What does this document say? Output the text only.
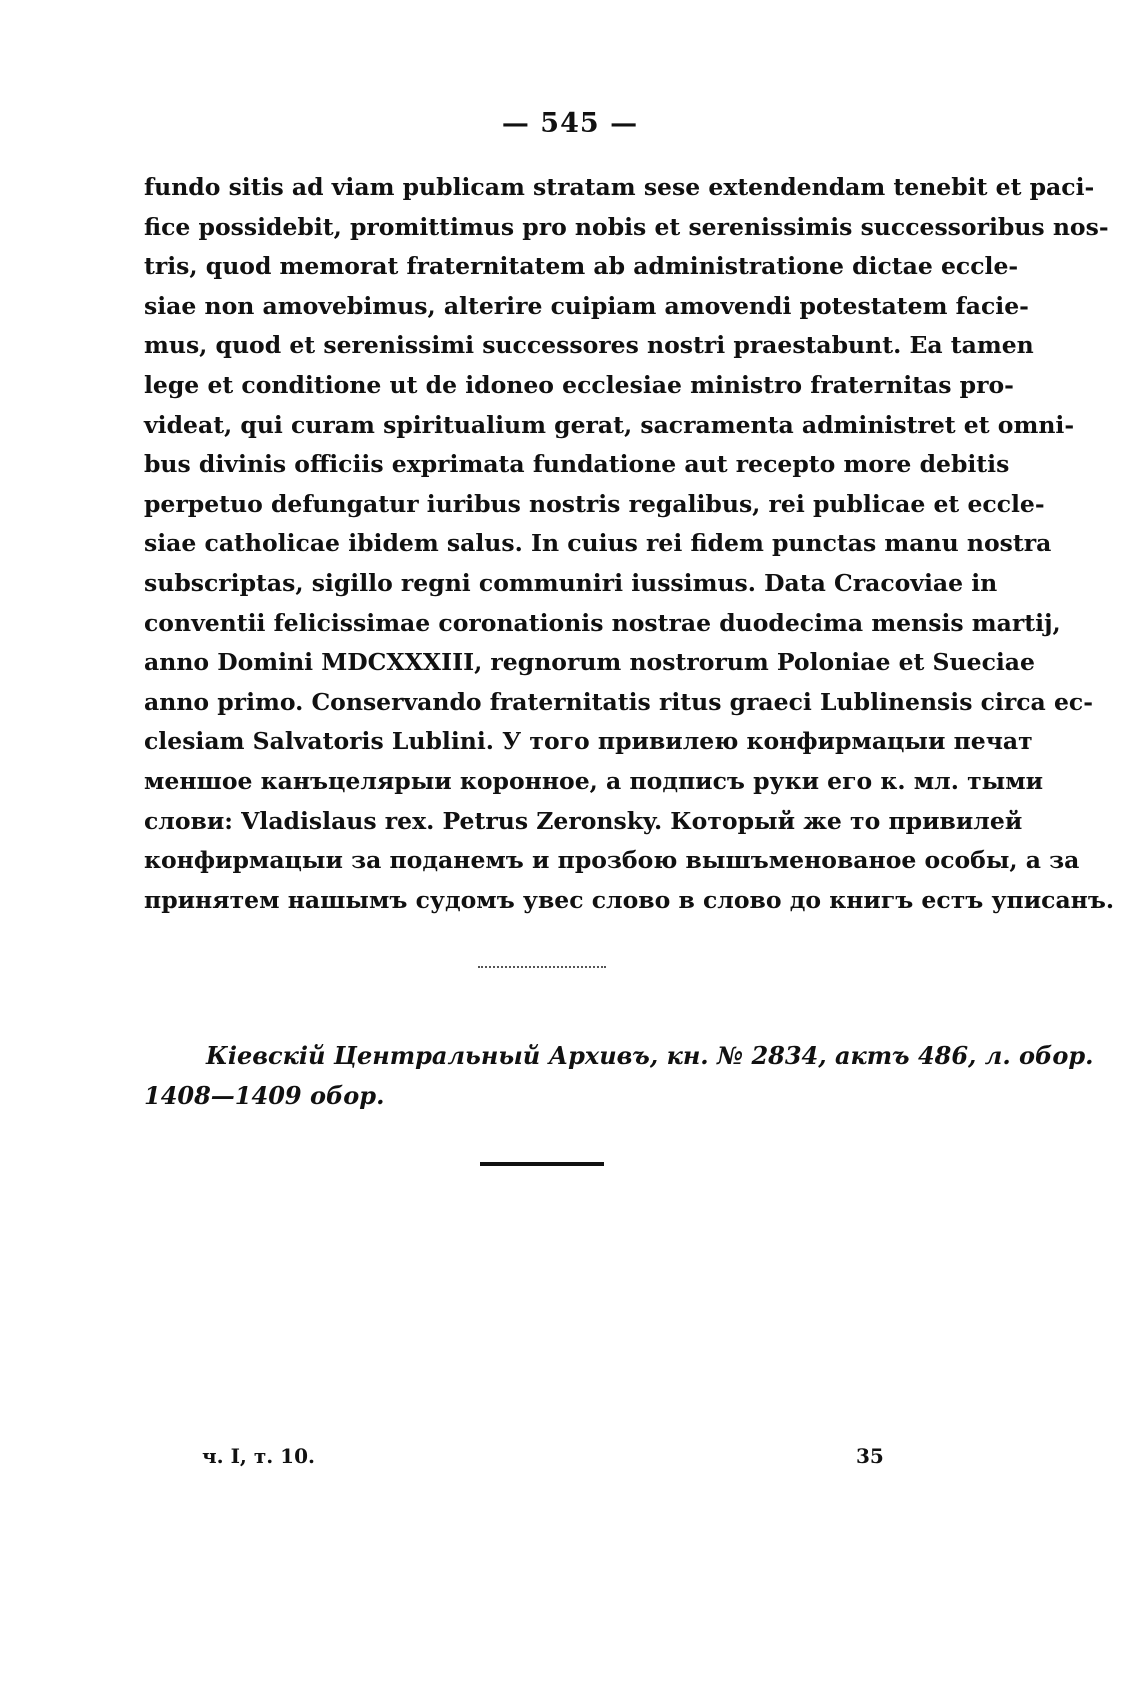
— 545 —
fundo sitis ad viam publicam stratam sese extendendam tenebit et paci-
fice possidebit, promittimus pro nobis et serenissimis successoribus nos-
tris, quod memorat fraternitatem ab administratione dictae eccle-
siae non amovebimus, alterire cuipiam amovendi potestatem facie-
mus, quod et serenissimi successores nostri praestabunt. Ea tamen
lege et conditione ut de idoneo ecclesiae ministro fraternitas pro-
videat, qui curam spiritualium gerat, sacramenta administret et omni-
bus divinis officiis exprimata fundatione aut recepto more debitis
perpetuo defungatur iuribus nostris regalibus, rei publicae et eccle-
siae catholicae ibidem salus. In cuius rei fidem punctas manu nostra
subscriptas, sigillo regni communiri iussimus. Data Cracoviae in
conventii felicissimae coronationis nostrae duodecima mensis martij,
anno Domini MDCXXXIII, regnorum nostrorum Poloniae et Sueciae
anno primo. Conservando fraternitatis ritus graeci Lublinensis circa ec-
clesiam Salvatoris Lublini. У того привилею конфирмацыи печат
меншое канъцелярыи коронное, а подписъ руки его к. мл. тыми
слови: Vladislaus rex. Petrus Zeronsky. Который же то привилей
конфирмацыи за поданемъ и прозбою вышъменованое особы, а за
принятем нашымъ судомъ увес слово в слово до книгъ естъ уписанъ.
Кіевскій Центральный Архивъ, кн. № 2834, актъ 486, л. обор.
1408—1409 обор.
ч. I, т. 10.	35
